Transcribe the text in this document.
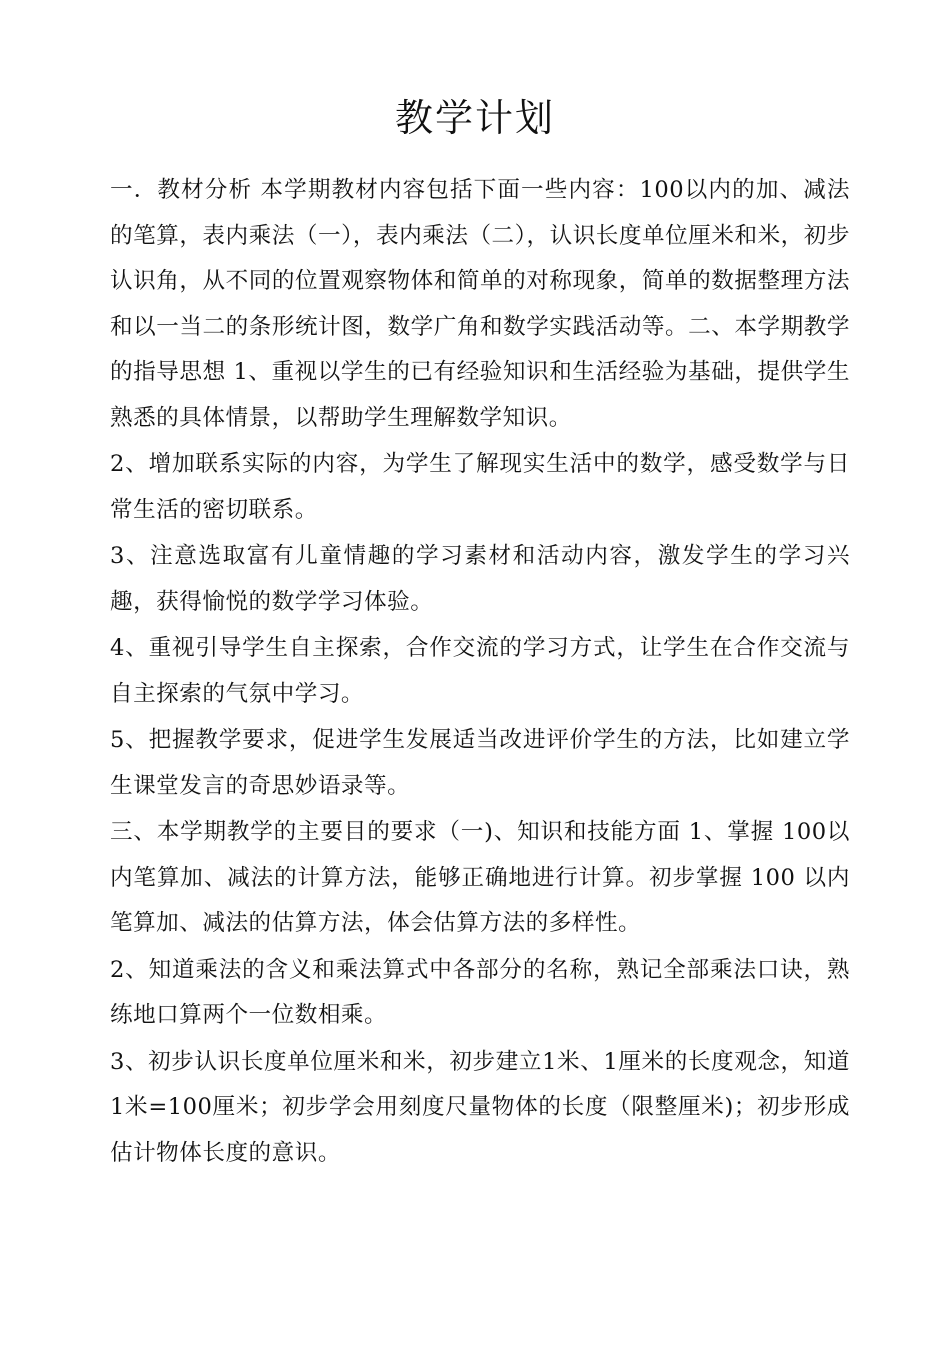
教学计划

一．教材分析 本学期教材内容包括下面一些内容：100以内的加、减法的笔算，表内乘法（一），表内乘法（二），认识长度单位厘米和米，初步认识角，从不同的位置观察物体和简单的对称现象，简单的数据整理方法和以一当二的条形统计图，数学广角和数学实践活动等。二、本学期教学的指导思想 1、重视以学生的已有经验知识和生活经验为基础，提供学生熟悉的具体情景，以帮助学生理解数学知识。

2、增加联系实际的内容，为学生了解现实生活中的数学，感受数学与日常生活的密切联系。

3、注意选取富有儿童情趣的学习素材和活动内容，激发学生的学习兴趣，获得愉悦的数学学习体验。

4、重视引导学生自主探索，合作交流的学习方式，让学生在合作交流与自主探索的气氛中学习。

5、把握教学要求，促进学生发展适当改进评价学生的方法，比如建立学生课堂发言的奇思妙语录等。

三、本学期教学的主要目的要求（一)、知识和技能方面 1、掌握 100以内笔算加、减法的计算方法，能够正确地进行计算。初步掌握 100 以内笔算加、减法的估算方法，体会估算方法的多样性。

2、知道乘法的含义和乘法算式中各部分的名称，熟记全部乘法口诀，熟练地口算两个一位数相乘。

3、初步认识长度单位厘米和米，初步建立1米、1厘米的长度观念，知道 1米=100厘米；初步学会用刻度尺量物体的长度（限整厘米)；初步形成估计物体长度的意识。
